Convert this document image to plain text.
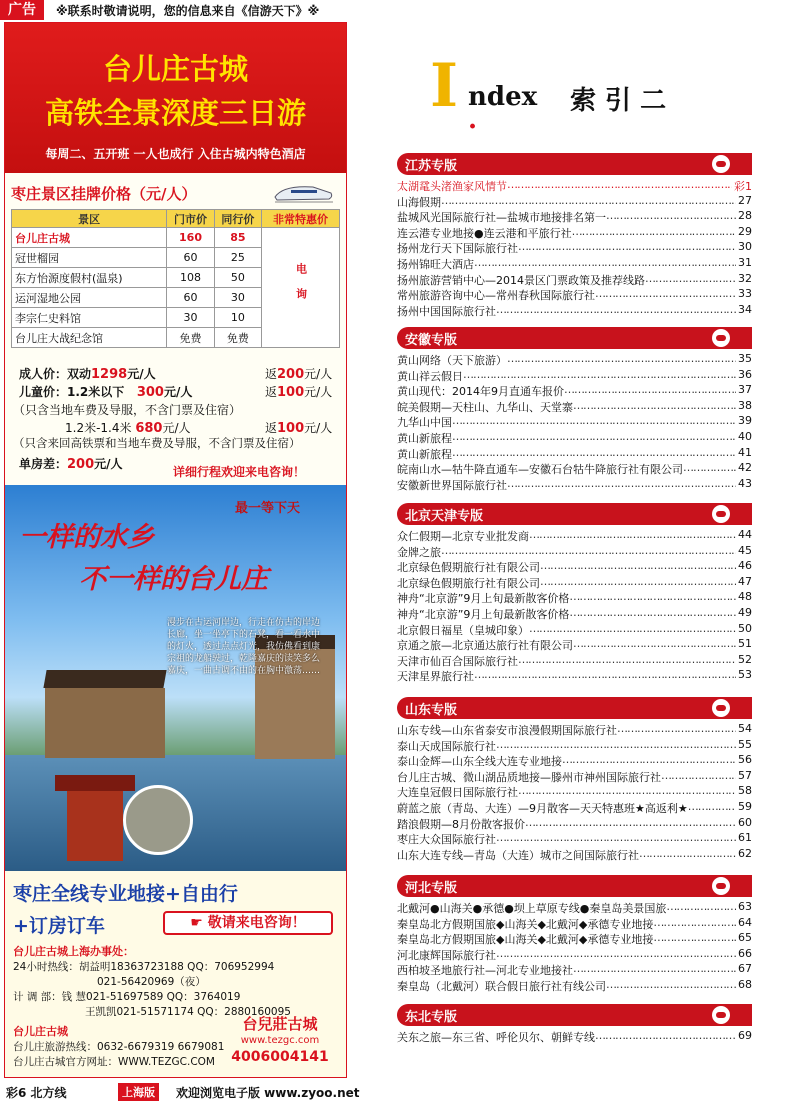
广告	※联系时敬请说明，您的信息来自《信游天下》※
台儿庄古城
高铁全景深度三日游
每周二、五开班 一人也成行 入住古城内特色酒店
枣庄景区挂牌价格（元/人）
景区	门市价	同行价	非常特惠价
台儿庄古城	160	85	电询
冠世榴园	60	25	
东方怡源度假村(温泉)	108	50	
运河湿地公园	60	30	
李宗仁史料馆	30	10	
台儿庄大战纪念馆	免费	免费	
成人价：双动1298元/人	返200元/人
儿童价：1.2米以下 300元/人	返100元/人
（只含当地车费及导服，不含门票及住宿）
1.2米-1.4米 680元/人	返100元/人
（只含来回高铁票和当地车费及导服，不含门票及住宿）
单房差：200元/人
详细行程欢迎来电咨询！
一样的水乡
不一样的台儿庄
最一等下天
漫步在古运河岸边，行走在仿古的岸边长廊，坐一坐亭下的石凳，看一看水中的灯火，透过点点灯光，我仿佛看到康宗祖的龙船驶过，乾隆嘉庆的读笑多么嘉庆，一曲古调不由的在胸中激荡……
枣庄全线专业地接+自由行
+订房订车	☛ 敬请来电咨询！
台儿庄古城上海办事处：
24小时热线：胡益明18363723188 QQ：706952994
021-56420969（夜）
计 调 部：钱 慧021-51697589 QQ：3764019
王凯凯021-51571174 QQ：2880160095
台儿庄古城
台儿庄旅游热线：0632-6679319 6679081
台儿庄古城官方网址：WWW.TEZGC.COM
台兒莊古城
www.tezgc.com
4006004141
I ndex ·
索 引 二
江苏专版
太湖鼋头渚渔家风情节 ………………………………………………………………………………………………………………………………	彩1
山海假期 ………………………………………………………………………………………………………………………………	27
盐城风光国际旅行社—盐城市地接排名第一 ………………………………………………………………………………………………………………………………	28
连云港专业地接●连云港和平旅行社 ………………………………………………………………………………………………………………………………	29
扬州龙行天下国际旅行社 ………………………………………………………………………………………………………………………………	30
扬州锦旺大酒店 ………………………………………………………………………………………………………………………………	31
扬州旅游营销中心—2014景区门票政策及推荐线路 ………………………………………………………………………………………………………………………………	32
常州旅游咨询中心—常州春秋国际旅行社 ………………………………………………………………………………………………………………………………	33
扬州中国国际旅行社 ………………………………………………………………………………………………………………………………	34
安徽专版
黄山网络（天下旅游） ………………………………………………………………………………………………………………………………	35
黄山祥云假日 ………………………………………………………………………………………………………………………………	36
黄山现代：2014年9月直通车报价 ………………………………………………………………………………………………………………………………	37
皖美假期—天柱山、九华山、天堂寨 ………………………………………………………………………………………………………………………………	38
九华山中国 ………………………………………………………………………………………………………………………………	39
黄山新旅程 ………………………………………………………………………………………………………………………………	40
黄山新旅程 ………………………………………………………………………………………………………………………………	41
皖南山水—牯牛降直通车—安徽石台牯牛降旅行社有限公司 ………………………………………………………………………………………………………………………………	42
安徽新世界国际旅行社 ………………………………………………………………………………………………………………………………	43
北京天津专版
众仁假期—北京专业批发商 ………………………………………………………………………………………………………………………………	44
金牌之旅 ………………………………………………………………………………………………………………………………	45
北京绿色假期旅行社有限公司 ………………………………………………………………………………………………………………………………	46
北京绿色假期旅行社有限公司 ………………………………………………………………………………………………………………………………	47
神舟“北京游”9月上旬最新散客价格 ………………………………………………………………………………………………………………………………	48
神舟“北京游”9月上旬最新散客价格 ………………………………………………………………………………………………………………………………	49
北京假日福星（皇城印象） ………………………………………………………………………………………………………………………………	50
京通之旅—北京通达旅行社有限公司 ………………………………………………………………………………………………………………………………	51
天津市仙百合国际旅行社 ………………………………………………………………………………………………………………………………	52
天津星界旅行社 ………………………………………………………………………………………………………………………………	53
山东专版
山东专线—山东省泰安市浪漫假期国际旅行社 ………………………………………………………………………………………………………………………………	54
泰山天成国际旅行社 ………………………………………………………………………………………………………………………………	55
泰山金辉—山东全线大连专业地接 ………………………………………………………………………………………………………………………………	56
台儿庄古城、微山湖品质地接—滕州市神州国际旅行社 ………………………………………………………………………………………………………………………………	57
大连皇冠假日国际旅行社 ………………………………………………………………………………………………………………………………	58
蔚蓝之旅（青岛、大连）—9月散客—天天特惠班★高返利★ ………………………………………………………………………………………………………………………………	59
踏浪假期—8月份散客报价 ………………………………………………………………………………………………………………………………	60
枣庄大众国际旅行社 ………………………………………………………………………………………………………………………………	61
山东大连专线—青岛（大连）城市之间国际旅行社 ………………………………………………………………………………………………………………………………	62
河北专版
北戴河●山海关●承德●坝上草原专线●秦皇岛美景国旅 ………………………………………………………………………………………………………………………………	63
秦皇岛北方假期国旅◆山海关◆北戴河◆承德专业地接 ………………………………………………………………………………………………………………………………	64
秦皇岛北方假期国旅◆山海关◆北戴河◆承德专业地接 ………………………………………………………………………………………………………………………………	65
河北康辉国际旅行社 ………………………………………………………………………………………………………………………………	66
西柏坡圣地旅行社—河北专业地接社 ………………………………………………………………………………………………………………………………	67
秦皇岛（北戴河）联合假日旅行社有线公司 ………………………………………………………………………………………………………………………………	68
东北专版
关东之旅—东三省、呼伦贝尔、朝鲜专线 ………………………………………………………………………………………………………………………………	69
彩6 北方线	上海版	欢迎浏览电子版 www.zyoo.net
